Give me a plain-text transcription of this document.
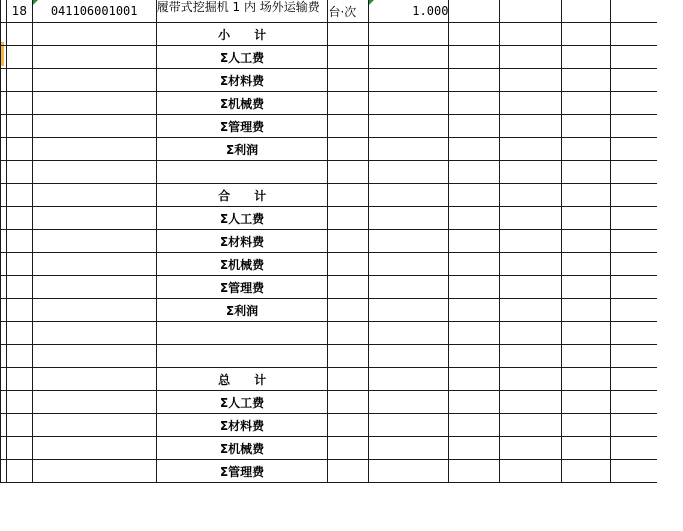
	18	041106001001	履带式挖掘机 1 内 场外运输费	台·次	1.000				
			小　　计						
			Σ人工费						
			Σ材料费						
			Σ机械费						
			Σ管理费						
			Σ利润						

			合　　计						
			Σ人工费						
			Σ材料费						
			Σ机械费						
			Σ管理费						
			Σ利润						

			总　　计						
			Σ人工费						
			Σ材料费						
			Σ机械费						
			Σ管理费						
